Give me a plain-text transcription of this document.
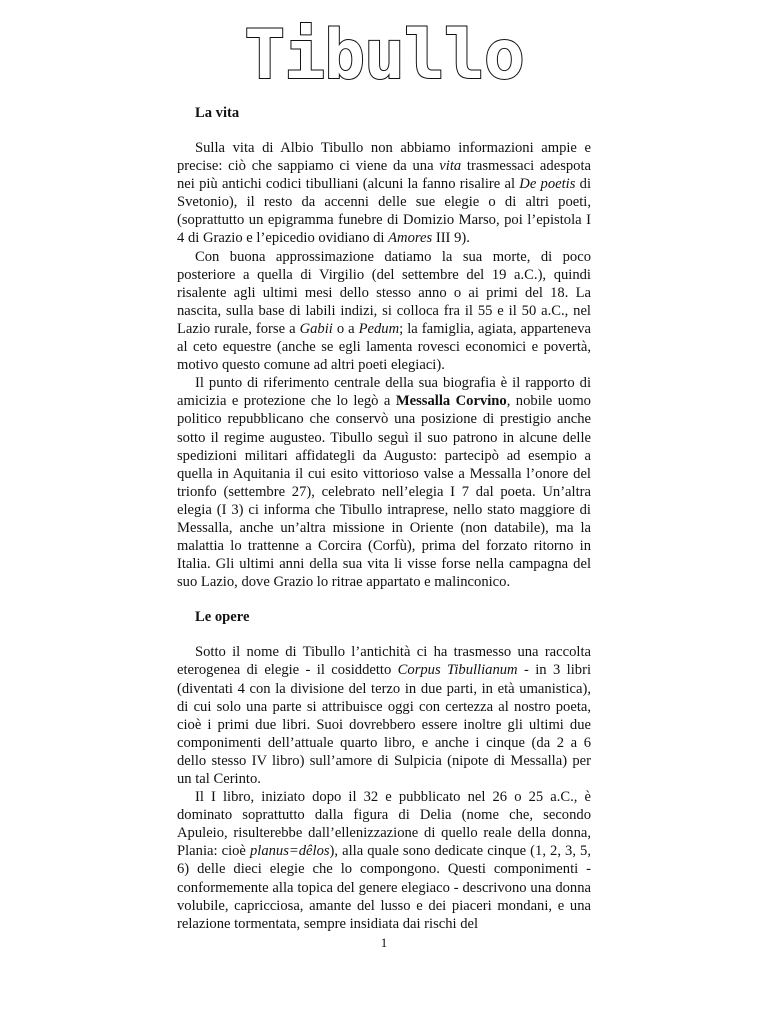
Tibullo
La vita

Sulla vita di Albio Tibullo non abbiamo informazioni ampie e precise: ciò che sappiamo ci viene da una vita trasmessaci adespota nei più antichi codici tibulliani (alcuni la fanno risalire al De poetis di Svetonio), il resto da accenni delle sue elegie o di altri poeti, (soprattutto un epigramma funebre di Domizio Marso, poi l’epistola I 4 di Grazio e l’epicedio ovidiano di Amores III 9).

Con buona approssimazione datiamo la sua morte, di poco posteriore a quella di Virgilio (del settembre del 19 a.C.), quindi risalente agli ultimi mesi dello stesso anno o ai primi del 18. La nascita, sulla base di labili indizi, si colloca fra il 55 e il 50 a.C., nel Lazio rurale, forse a Gabii o a Pedum; la famiglia, agiata, apparteneva al ceto equestre (anche se egli lamenta rovesci economici e povertà, motivo questo comune ad altri poeti elegiaci).

Il punto di riferimento centrale della sua biografia è il rapporto di amicizia e protezione che lo legò a Messalla Corvino, nobile uomo politico repubblicano che conservò una posizione di prestigio anche sotto il regime augusteo. Tibullo seguì il suo patrono in alcune delle spedizioni militari affidategli da Augusto: partecipò ad esempio a quella in Aquitania il cui esito vittorioso valse a Messalla l’onore del trionfo (settembre 27), celebrato nell’elegia I 7 dal poeta. Un’altra elegia (I 3) ci informa che Tibullo intraprese, nello stato maggiore di Messalla, anche un’altra missione in Oriente (non databile), ma la malattia lo trattenne a Corcira (Corfù), prima del forzato ritorno in Italia. Gli ultimi anni della sua vita li visse forse nella campagna del suo Lazio, dove Grazio lo ritrae appartato e malinconico.

Le opere

Sotto il nome di Tibullo l’antichità ci ha trasmesso una raccolta eterogenea di elegie - il cosiddetto Corpus Tibullianum - in 3 libri (diventati 4 con la divisione del terzo in due parti, in età umanistica), di cui solo una parte si attribuisce oggi con certezza al nostro poeta, cioè i primi due libri. Suoi dovrebbero essere inoltre gli ultimi due componimenti dell’attuale quarto libro, e anche i cinque (da 2 a 6 dello stesso IV libro) sull’amore di Sulpicia (nipote di Messalla) per un tal Cerinto.

Il I libro, iniziato dopo il 32 e pubblicato nel 26 o 25 a.C., è dominato soprattutto dalla figura di Delia (nome che, secondo Apuleio, risulterebbe dall’ellenizzazione di quello reale della donna, Plania: cioè planus=dêlos), alla quale sono dedicate cinque (1, 2, 3, 5, 6) delle dieci elegie che lo compongono. Questi componimenti - conformemente alla topica del genere elegiaco - descrivono una donna volubile, capricciosa, amante del lusso e dei piaceri mondani, e una relazione tormentata, sempre insidiata dai rischi del

1
